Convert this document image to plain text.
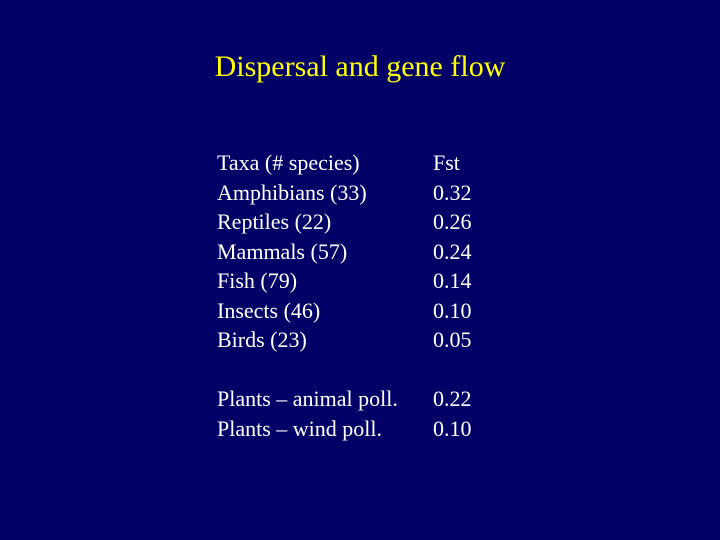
Dispersal and gene flow
Taxa (# species)	Fst
Amphibians (33)	0.32
Reptiles (22)	0.26
Mammals (57)	0.24
Fish (79)	0.14
Insects (46)	0.10
Birds (23)	0.05
Plants – animal poll. 0.22
Plants – wind poll. 0.10
